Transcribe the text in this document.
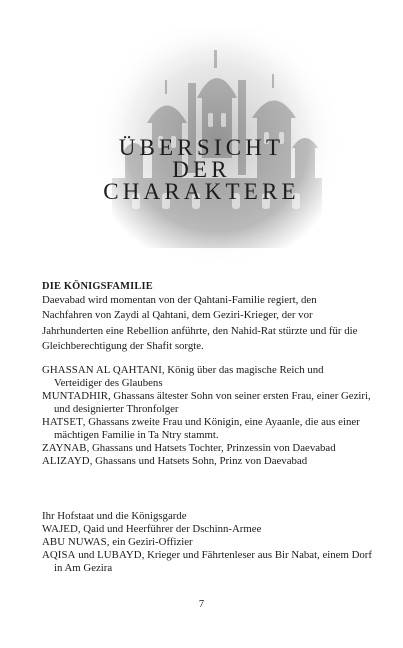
ÜBERSICHT
DER
CHARAKTERE
DIE KÖNIGSFAMILIE
Daevabad wird momentan von der Qahtani-Familie regiert, den Nachfahren von Zaydi al Qahtani, dem Geziri-Krieger, der vor Jahrhunderten eine Rebellion anführte, den Nahid-Rat stürzte und für die Gleichberechtigung der Shafit sorgte.

GHASSAN AL QAHTANI, König über das magische Reich und Verteidiger des Glaubens

MUNTADHIR, Ghassans ältester Sohn von seiner ersten Frau, einer Geziri, und designierter Thronfolger

HATSET, Ghassans zweite Frau und Königin, eine Ayaanle, die aus einer mächtigen Familie in Ta Ntry stammt.

ZAYNAB, Ghassans und Hatsets Tochter, Prinzessin von Daevabad

ALIZAYD, Ghassans und Hatsets Sohn, Prinz von Daevabad

Ihr Hofstaat und die Königsgarde

WAJED, Qaid und Heerführer der Dschinn-Armee

ABU NUWAS, ein Geziri-Offizier

AQISA und LUBAYD, Krieger und Fährtenleser aus Bir Nabat, einem Dorf in Am Gezira

7
